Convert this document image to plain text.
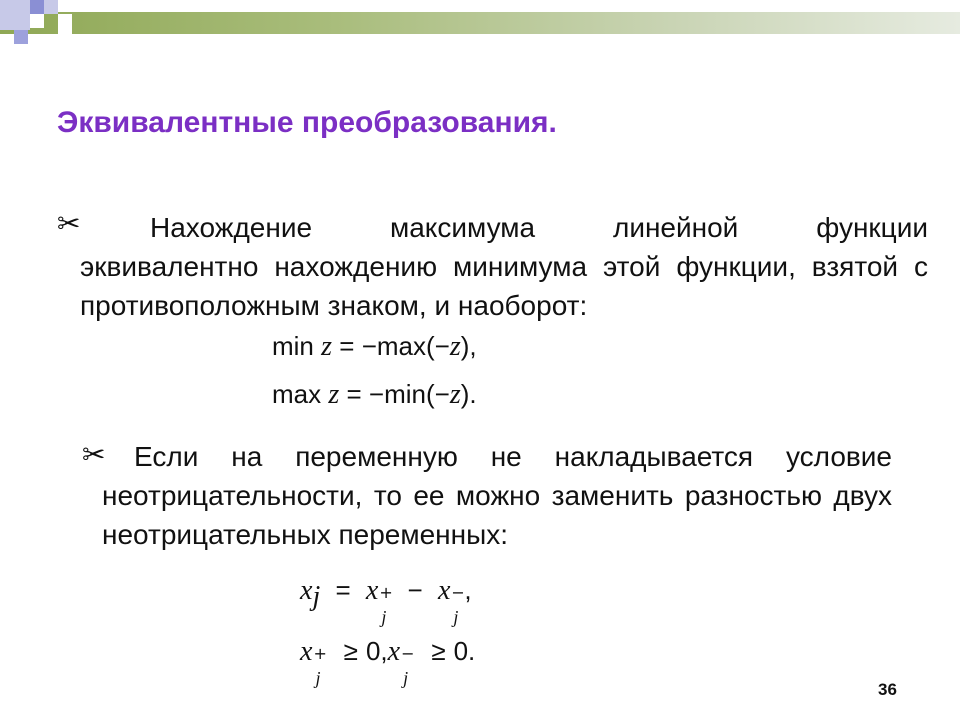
Эквивалентные преобразования.
✂	Нахождение максимума линейной функции
эквивалентно нахождению минимума этой функции, взятой с противоположным знаком, и наоборот:
min z = −max(−z),
max z = −min(−z).
✂	Если на переменную не накладывается условие
неотрицательности, то ее можно заменить разностью двух неотрицательных переменных:
$x_j = x$ +
j
− x −
j
,
x +
j
≥ 0,x −
j
≥ 0.
36
